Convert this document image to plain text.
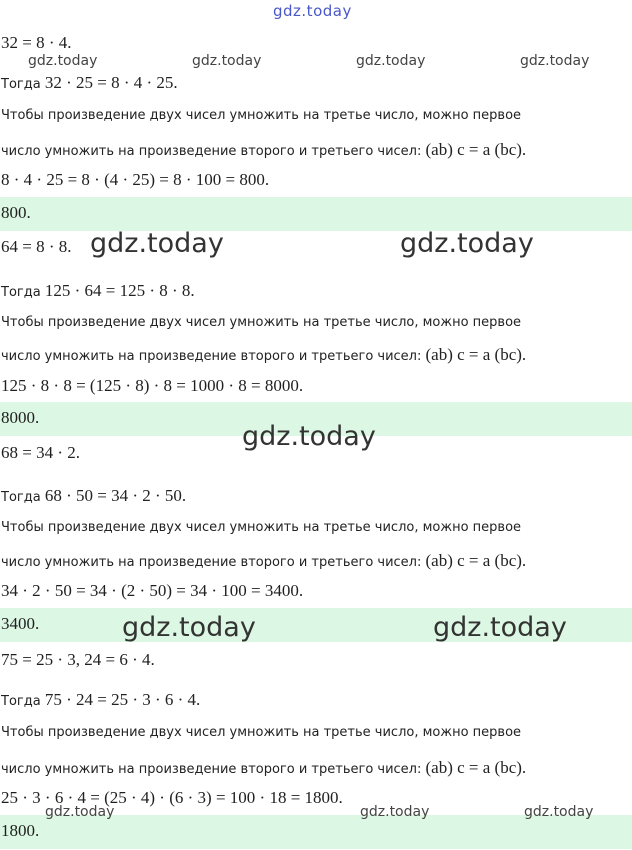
gdz.today
32 = 8 · 4.
gdz.today	gdz.today	gdz.today	gdz.today
Тогда 32 · 25 = 8 · 4 · 25.
Чтобы произведение двух чисел умножить на третье число, можно первое
число умножить на произведение второго и третьего чисел: (ab) c = a (bc).
8 · 4 · 25 = 8 · (4 · 25) = 8 · 100 = 800.
800.
64 = 8 · 8. gdz.today	gdz.today
Тогда 125 · 64 = 125 · 8 · 8.
Чтобы произведение двух чисел умножить на третье число, можно первое
число умножить на произведение второго и третьего чисел: (ab) c = a (bc).
125 · 8 · 8 = (125 · 8) · 8 = 1000 · 8 = 8000.
8000.
gdz.today
68 = 34 · 2.
Тогда 68 · 50 = 34 · 2 · 50.
Чтобы произведение двух чисел умножить на третье число, можно первое
число умножить на произведение второго и третьего чисел: (ab) c = a (bc).
34 · 2 · 50 = 34 · (2 · 50) = 34 · 100 = 3400.
3400.	gdz.today	gdz.today
75 = 25 · 3, 24 = 6 · 4.
Тогда 75 · 24 = 25 · 3 · 6 · 4.
Чтобы произведение двух чисел умножить на третье число, можно первое
число умножить на произведение второго и третьего чисел: (ab) c = a (bc).
25 · 3 · 6 · 4 = (25 · 4) · (6 · 3) = 100 · 18 = 1800.
1800.
gdz.today	gdz.today	gdz.today
